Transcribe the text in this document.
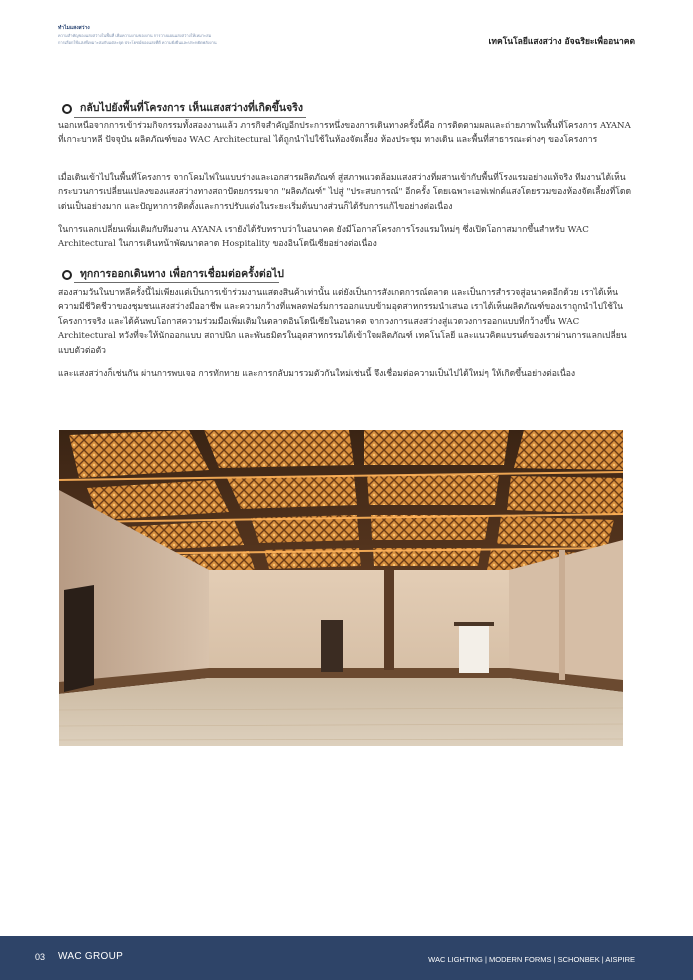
ทำไมแสงสว่าง
ความสำคัญของแสงสว่างในพื้นที่ เพิ่มความงามของงาน การวางแผนแสงสว่างให้เหมาะสม
การเลือกใช้แสงที่เหมาะสมกับแต่ละจุด ประโยชน์ของแสงที่ดี ความยั่งยืนและประหยัดพลังงาน	เทคโนโลยีแสงสว่าง อัจฉริยะเพื่ออนาคต
กลับไปยังพื้นที่โครงการ เห็นแสงสว่างที่เกิดขึ้นจริง

นอกเหนือจากการเข้าร่วมกิจกรรมทั้งสองงานแล้ว ภารกิจสำคัญอีกประการหนึ่งของการเดินทางครั้งนี้คือ การติดตามผลและถ่ายภาพในพื้นที่โครงการ AYANA ที่เกาะบาหลี ปัจจุบัน ผลิตภัณฑ์ของ WAC Architectural ได้ถูกนำไปใช้ในห้องจัดเลี้ยง ห้องประชุม ทางเดิน และพื้นที่สาธารณะต่างๆ ของโครงการ

เมื่อเดินเข้าไปในพื้นที่โครงการ จากโคมไฟในแบบร่างและเอกสารผลิตภัณฑ์ สู่สภาพแวดล้อมแสงสว่างที่ผสานเข้ากับพื้นที่โรงแรมอย่างแท้จริง ทีมงานได้เห็นกระบวนการเปลี่ยนแปลงของแสงสว่างทางสถาปัตยกรรมจาก "ผลิตภัณฑ์" ไปสู่ "ประสบการณ์" อีกครั้ง โดยเฉพาะเอฟเฟกต์แสงโดยรวมของห้องจัดเลี้ยงที่โดดเด่นเป็นอย่างมาก และปัญหาการติดตั้งและการปรับแต่งในระยะเริ่มต้นบางส่วนก็ได้รับการแก้ไขอย่างต่อเนื่อง

ในการแลกเปลี่ยนเพิ่มเติมกับทีมงาน AYANA เรายังได้รับทราบว่าในอนาคต ยังมีโอกาสโครงการโรงแรมใหม่ๆ ซึ่งเปิดโอกาสมากขึ้นสำหรับ WAC Architectural ในการเดินหน้าพัฒนาตลาด Hospitality ของอินโดนีเซียอย่างต่อเนื่อง

ทุกการออกเดินทาง เพื่อการเชื่อมต่อครั้งต่อไป

สองสามวันในบาหลีครั้งนี้ไม่เพียงแต่เป็นการเข้าร่วมงานแสดงสินค้าเท่านั้น แต่ยังเป็นการสังเกตการณ์ตลาด และเป็นการสำรวจสู่อนาคตอีกด้วย เราได้เห็นความมีชีวิตชีวาของชุมชนแสงสว่างมืออาชีพ และความกว้างที่แพลตฟอร์มการออกแบบข้ามอุตสาหกรรมนำเสนอ เราได้เห็นผลิตภัณฑ์ของเราถูกนำไปใช้ในโครงการจริง และได้ค้นพบโอกาสความร่วมมือเพิ่มเติมในตลาดอินโดนีเซียในอนาคต จากวงการแสงสว่างสู่แวดวงการออกแบบที่กว้างขึ้น WAC Architectural หวังที่จะให้นักออกแบบ สถาปนิก และพันธมิตรในอุตสาหกรรมได้เข้าใจผลิตภัณฑ์ เทคโนโลยี และแนวคิดแบรนด์ของเราผ่านการแลกเปลี่ยนแบบตัวต่อตัว

และแสงสว่างก็เช่นกัน ผ่านการพบเจอ การทักทาย และการกลับมารวมตัวกันใหม่เช่นนี้ จึงเชื่อมต่อความเป็นไปได้ใหม่ๆ ให้เกิดขึ้นอย่างต่อเนื่อง

03 WAC GROUP	WAC LIGHTING | MODERN FORMS | SCHONBEK | AISPIRE
